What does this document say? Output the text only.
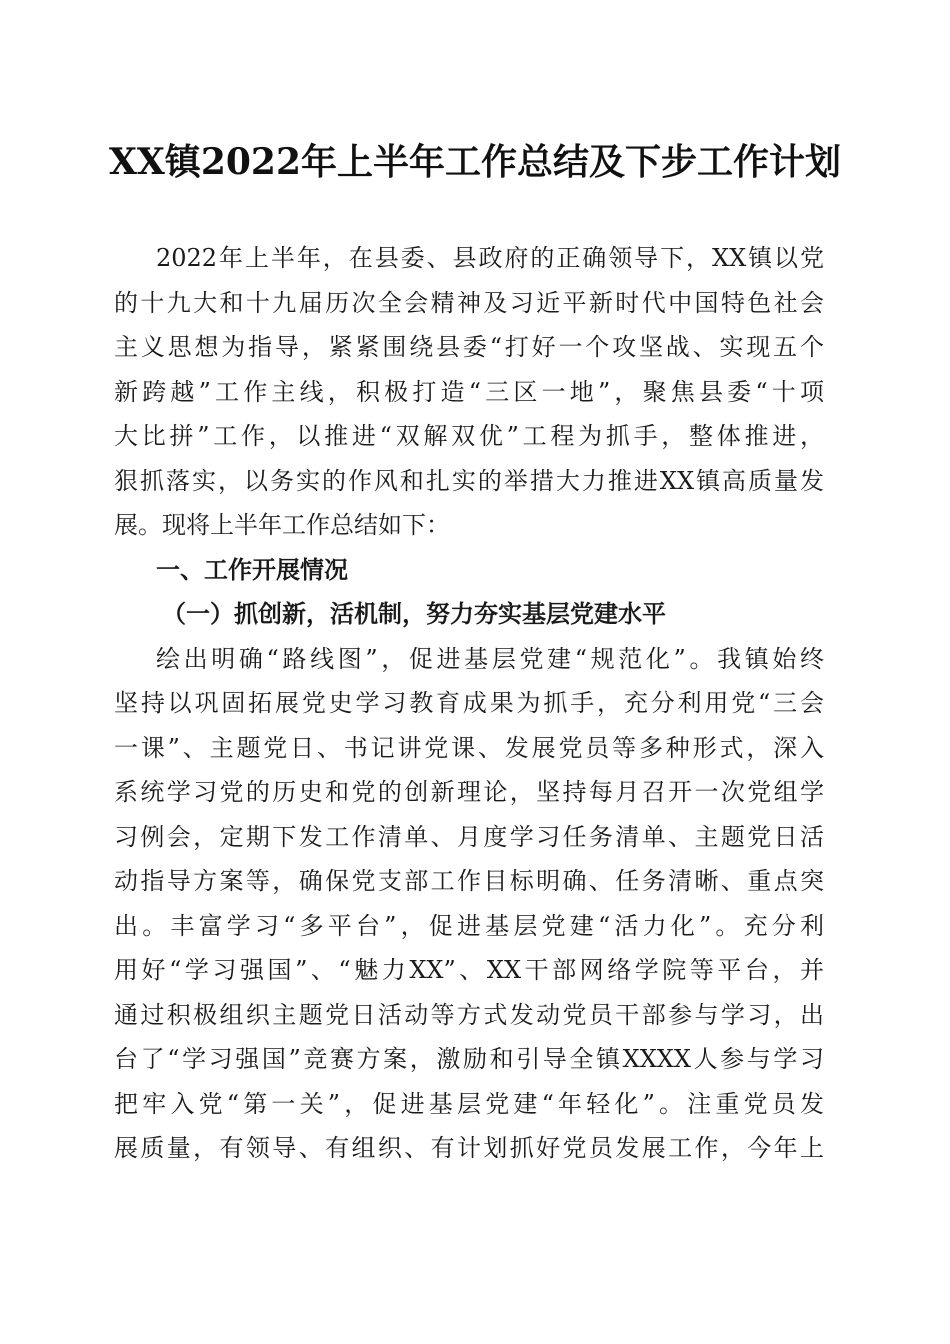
XX镇2022年上半年工作总结及下步工作计划
2022年上半年，在县委、县政府的正确领导下，XX镇以党
的十九大和十九届历次全会精神及习近平新时代中国特色社会
主义思想为指导，紧紧围绕县委“打好一个攻坚战、实现五个
新跨越”工作主线，积极打造“三区一地”，聚焦县委“十项
大比拼”工作，以推进“双解双优”工程为抓手，整体推进，
狠抓落实，以务实的作风和扎实的举措大力推进XX镇高质量发
展。现将上半年工作总结如下：
一、工作开展情况
（一）抓创新，活机制，努力夯实基层党建水平
绘出明确“路线图”，促进基层党建“规范化”。我镇始终
坚持以巩固拓展党史学习教育成果为抓手，充分利用党“三会
一课”、主题党日、书记讲党课、发展党员等多种形式，深入
系统学习党的历史和党的创新理论，坚持每月召开一次党组学
习例会，定期下发工作清单、月度学习任务清单、主题党日活
动指导方案等，确保党支部工作目标明确、任务清晰、重点突
出。丰富学习“多平台”，促进基层党建“活力化”。充分利
用好“学习强国”、“魅力XX”、XX干部网络学院等平台，并
通过积极组织主题党日活动等方式发动党员干部参与学习，出
台了“学习强国”竞赛方案，激励和引导全镇XXXX人参与学习
把牢入党“第一关”，促进基层党建“年轻化”。注重党员发
展质量，有领导、有组织、有计划抓好党员发展工作，今年上
